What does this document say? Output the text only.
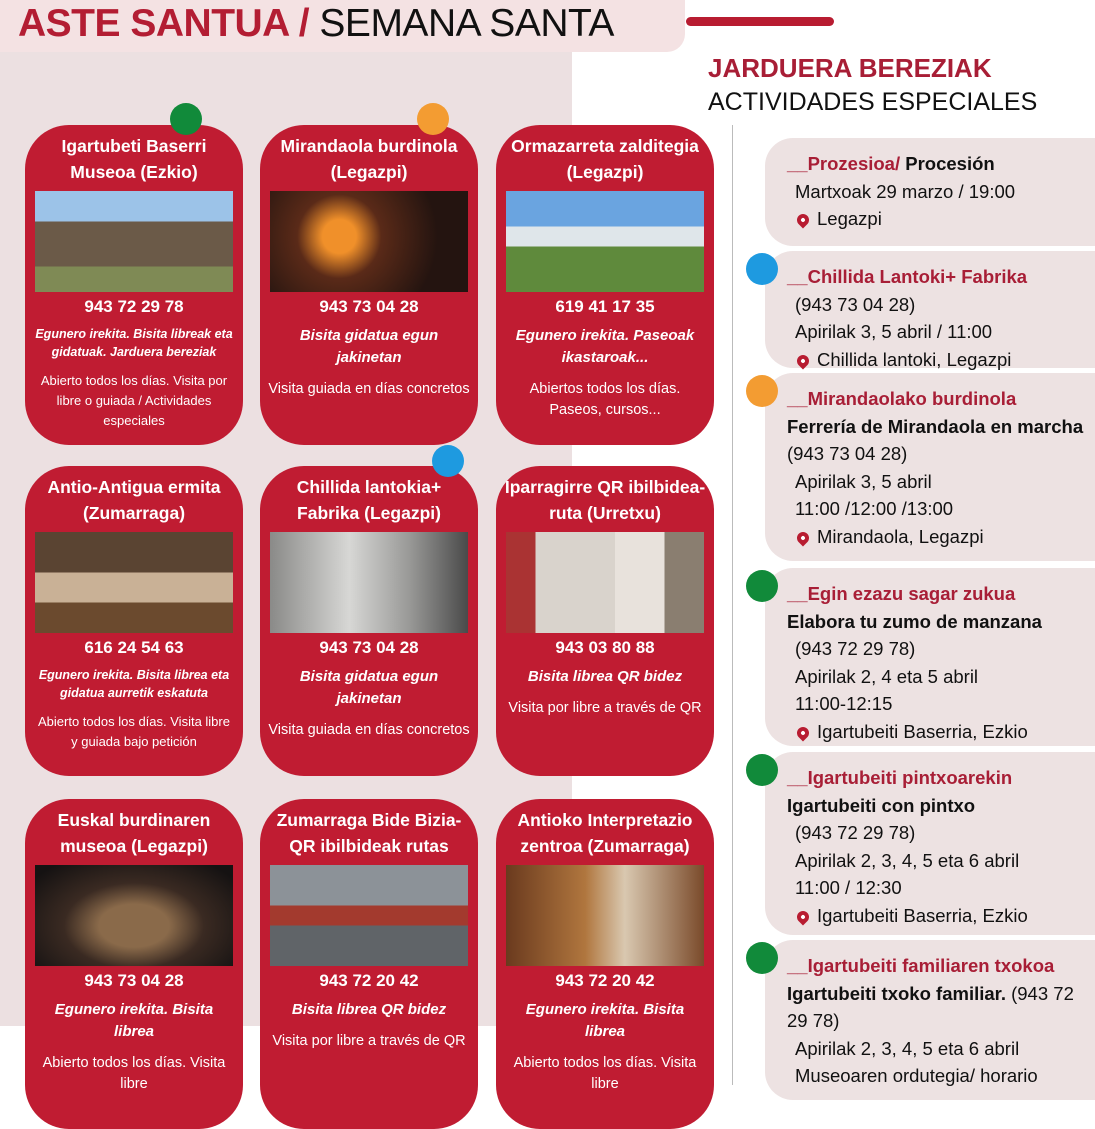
ASTE SANTUA / SEMANA SANTA
JARDUERA BEREZIAK
ACTIVIDADES ESPECIALES
Igartubeti Baserri Museoa (Ezkio)
943 72 29 78
Egunero irekita. Bisita libreak eta gidatuak. Jarduera bereziak
Abierto todos los días. Visita por libre o guiada / Actividades especiales
Mirandaola burdinola (Legazpi)
943 73 04 28
Bisita gidatua egun jakinetan
Visita guiada en días concretos
Ormazarreta zalditegia (Legazpi)
619 41 17 35
Egunero irekita. Paseoak ikastaroak...
Abiertos todos los días. Paseos, cursos...
Antio-Antigua ermita (Zumarraga)
616 24 54 63
Egunero irekita. Bisita librea eta gidatua aurretik eskatuta
Abierto todos los días. Visita libre y guiada bajo petición
Chillida lantokia+ Fabrika (Legazpi)
943 73 04 28
Bisita gidatua egun jakinetan
Visita guiada en días concretos
Iparragirre QR ibilbidea-ruta (Urretxu)
943 03 80 88
Bisita librea QR bidez
Visita por libre a través de QR
Euskal burdinaren museoa (Legazpi)
943 73 04 28
Egunero irekita. Bisita librea
Abierto todos los días. Visita libre
Zumarraga Bide Bizia- QR ibilbideak rutas
943 72 20 42
Bisita librea QR bidez
Visita por libre a través de QR
Antioko Interpretazio zentroa (Zumarraga)
943 72 20 42
Egunero irekita. Bisita librea
Abierto todos los días. Visita libre
__Prozesioa/ Procesión
Martxoak 29 marzo / 19:00
Legazpi
__Chillida Lantoki+ Fabrika
(943 73 04 28)
Apirilak 3, 5 abril / 11:00
Chillida lantoki, Legazpi
__Mirandaolako burdinola
Ferrería de Mirandaola en marcha (943 73 04 28)
Apirilak 3, 5 abril
11:00 /12:00 /13:00
Mirandaola, Legazpi
__Egin ezazu sagar zukua
Elabora tu zumo de manzana
(943 72 29 78)
Apirilak 2, 4 eta 5 abril
11:00-12:15
Igartubeiti Baserria, Ezkio
__Igartubeiti pintxoarekin
Igartubeiti con pintxo
(943 72 29 78)
Apirilak 2, 3, 4, 5 eta 6 abril
11:00 / 12:30
Igartubeiti Baserria, Ezkio
__Igartubeiti familiaren txokoa Igartubeiti txoko familiar. (943 72 29 78)
Apirilak 2, 3, 4, 5 eta 6 abril
Museoaren ordutegia/ horario
